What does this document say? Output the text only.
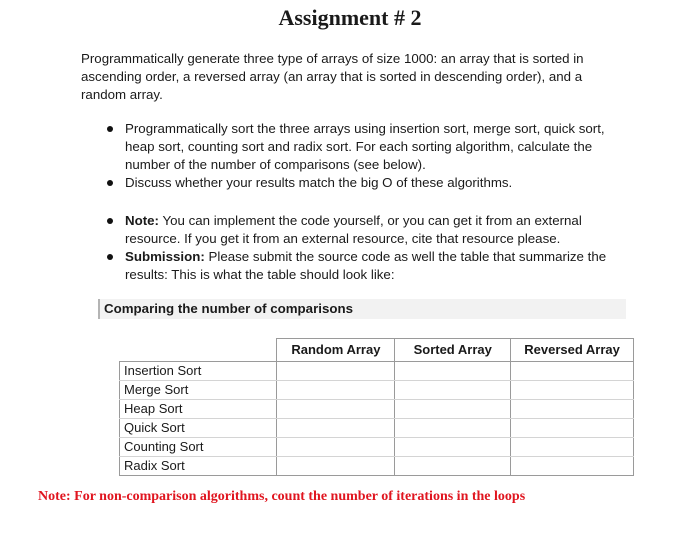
Assignment # 2

Programmatically generate three type of arrays of size 1000: an array that is sorted in ascending order, a reversed array (an array that is sorted in descending order), and a random array.

Programmatically sort the three arrays using insertion sort, merge sort, quick sort, heap sort, counting sort and radix sort. For each sorting algorithm, calculate the number of the number of comparisons (see below).
Discuss whether your results match the big O of these algorithms.
Note: You can implement the code yourself, or you can get it from an external resource. If you get it from an external resource, cite that resource please.
Submission: Please submit the source code as well the table that summarize the results: This is what the table should look like:
Comparing the number of comparisons
	Random Array	Sorted Array	Reversed Array
Insertion Sort			
Merge Sort			
Heap Sort			
Quick Sort			
Counting Sort			
Radix Sort			
Note: For non-comparison algorithms, count the number of iterations in the loops
